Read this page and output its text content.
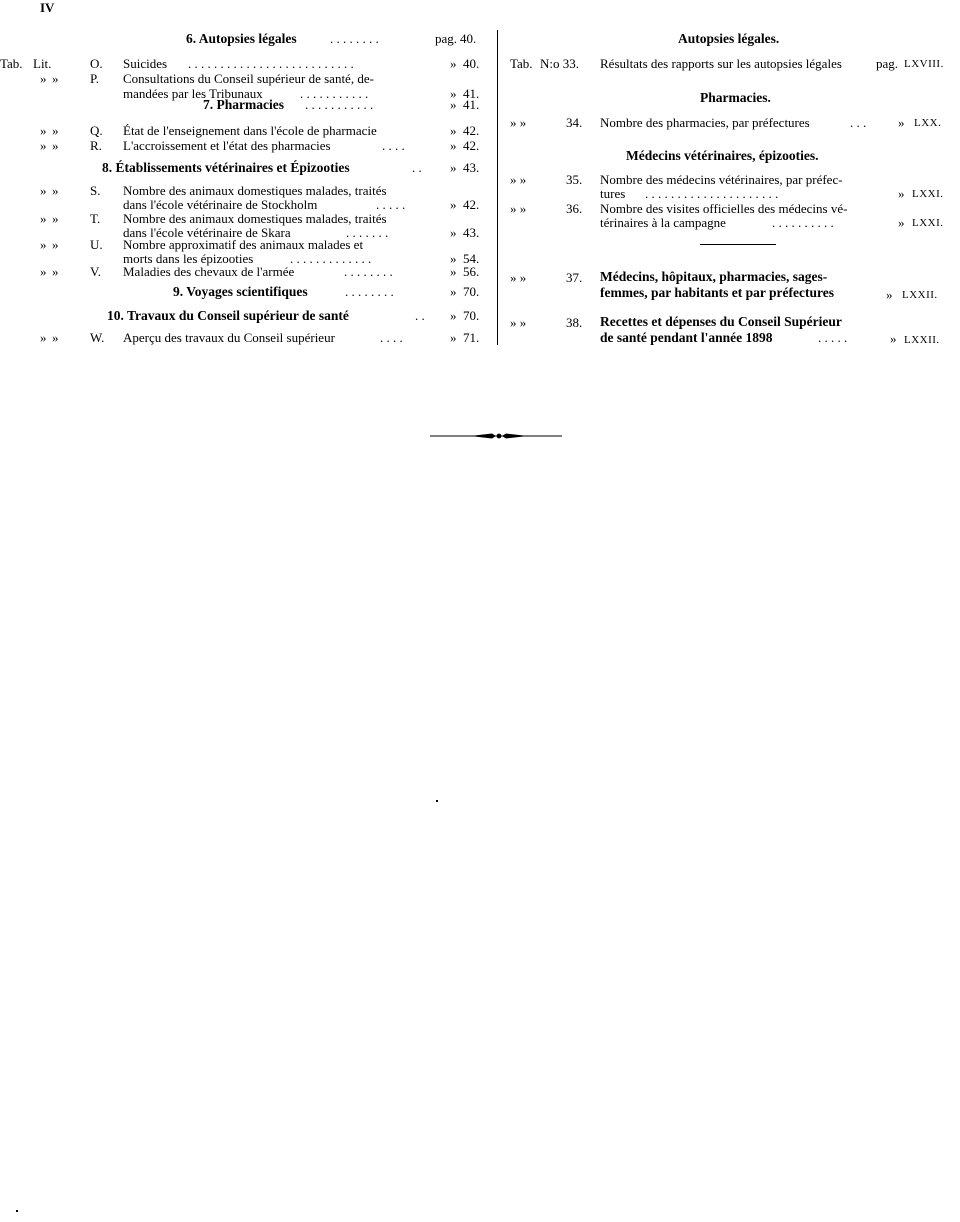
IV
6. Autopsies légales	. . . . . . . .	pag. 40.
Tab. Lit.	O. Suicides	» 40.
» » P. Consultations du Conseil supérieur de santé, de-
mandées par les Tribunaux	» 41.
7. Pharmacies . . . . . . . . . . .	» 41.
» » Q. État de l'enseignement dans l'école de pharmacie	» 42.
» » R. L'accroissement et l'état des pharmacies	» 42.
8. Établissements vétérinaires et Épizooties	. . » 43.
» » S. Nombre des animaux domestiques malades, traités
dans l'école vétérinaire de Stockholm	» 42.
» » T. Nombre des animaux domestiques malades, traités
dans l'école vétérinaire de Skara	» 43.
» » U. Nombre approximatif des animaux malades et
morts dans les épizooties	» 54.
» » V. Maladies des chevaux de l'armée	» 56.
9. Voyages scientifiques	. . . . . . . .	» 70.
10. Travaux du Conseil supérieur de santé	. . » 70.
» » W. Aperçu des travaux du Conseil supérieur	» 71.
. . . . . . . . . . . . . . . . . . . . . . . . . .
. . . . . . . . . . .
. . . .
. . . . .
. . . . . . .
. . . . . . . . . . . . .
. . . . . . . .
. . . .
Autopsies légales.
Tab. N:o 33. Résultats des rapports sur les autopsies légales	pag. LXVIII.
Pharmacies.
» »	34. Nombre des pharmacies, par préfectures	. . . » LXX.
Médecins vétérinaires, épizooties.
» »	35. Nombre des médecins vétérinaires, par préfec-
tures . . . . . . . . . . . . . . . . . . . . .	» LXXI.
» »	36. Nombre des visites officielles des médecins vé-
térinaires à la campagne	. . . . . . . . . .	» LXXI.
» »	37. Médecins, hôpitaux, pharmacies, sages-
femmes, par habitants et par préfectures	» LXXII.
» »	38. Recettes et dépenses du Conseil Supérieur
de santé pendant l'année 1898	. . . . .	» LXXII.
